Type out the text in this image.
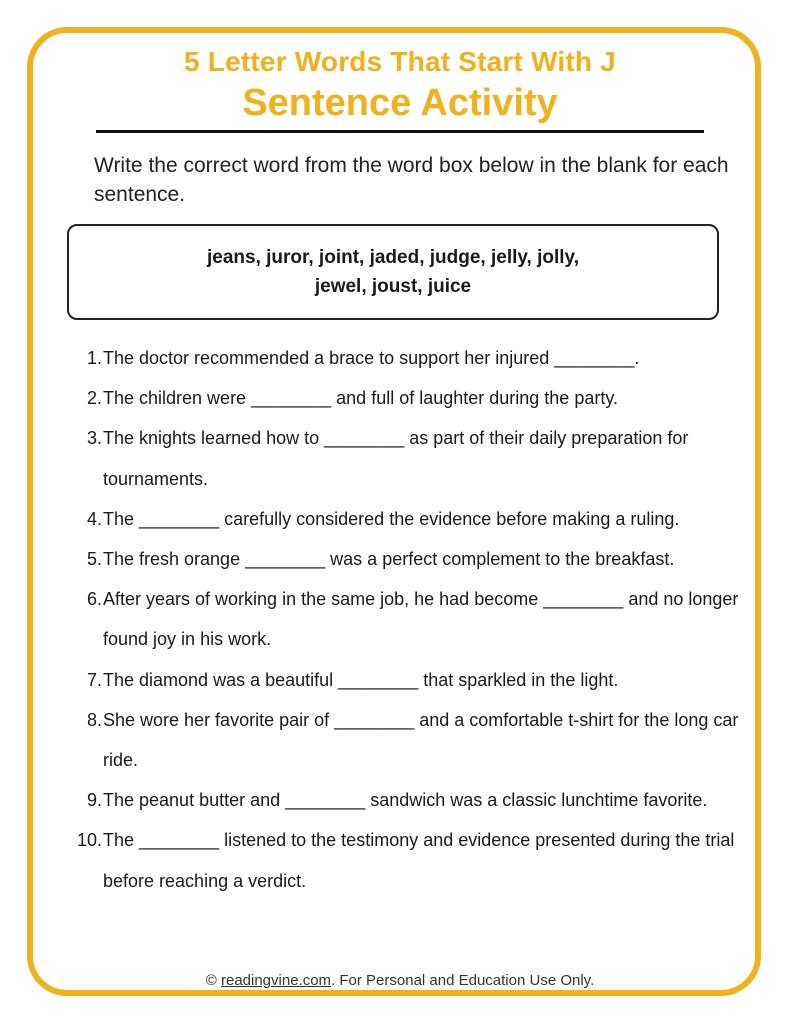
5 Letter Words That Start With J
Sentence Activity
Write the correct word from the word box below in the blank for each sentence.
jeans, juror, joint, jaded, judge, jelly, jolly,
jewel, joust, juice
1. The doctor recommended a brace to support her injured ________.
2. The children were ________ and full of laughter during the party.
3. The knights learned how to ________ as part of their daily preparation for tournaments.
4. The ________ carefully considered the evidence before making a ruling.
5. The fresh orange ________ was a perfect complement to the breakfast.
6. After years of working in the same job, he had become ________ and no longer found joy in his work.
7. The diamond was a beautiful ________ that sparkled in the light.
8. She wore her favorite pair of ________ and a comfortable t-shirt for the long car ride.
9. The peanut butter and ________ sandwich was a classic lunchtime favorite.
10. The ________ listened to the testimony and evidence presented during the trial before reaching a verdict.
© readingvine.com. For Personal and Education Use Only.
